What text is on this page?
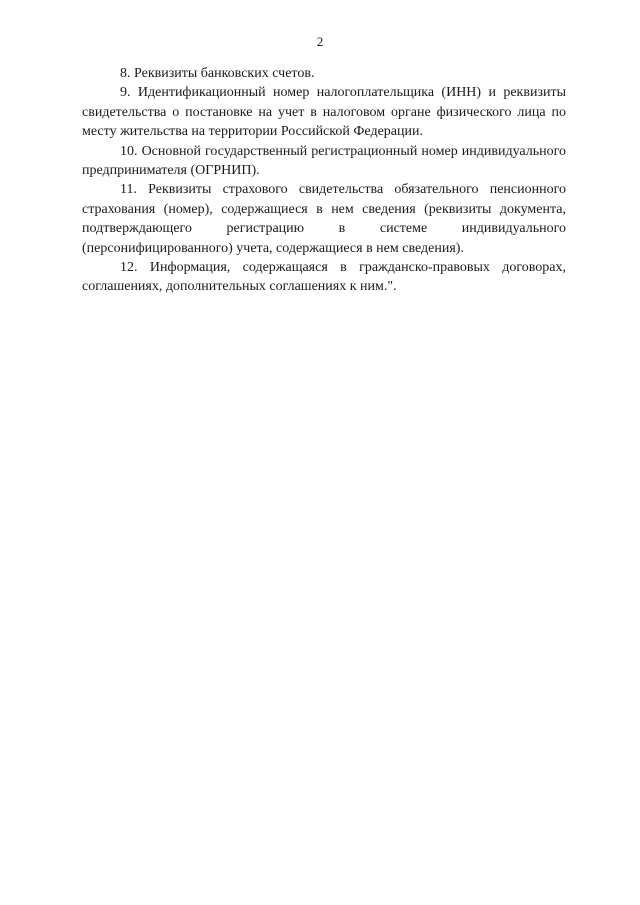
2

8. Реквизиты банковских счетов.

9. Идентификационный номер налогоплательщика (ИНН) и реквизиты свидетельства о постановке на учет в налоговом органе физического лица по месту жительства на территории Российской Федерации.

10. Основной государственный регистрационный номер индивидуального предпринимателя (ОГРНИП).

11. Реквизиты страхового свидетельства обязательного пенсионного страхования (номер), содержащиеся в нем сведения (реквизиты документа, подтверждающего регистрацию в системе индивидуального (персонифицированного) учета, содержащиеся в нем сведения).

12. Информация, содержащаяся в гражданско-правовых договорах, соглашениях, дополнительных соглашениях к ним.".
